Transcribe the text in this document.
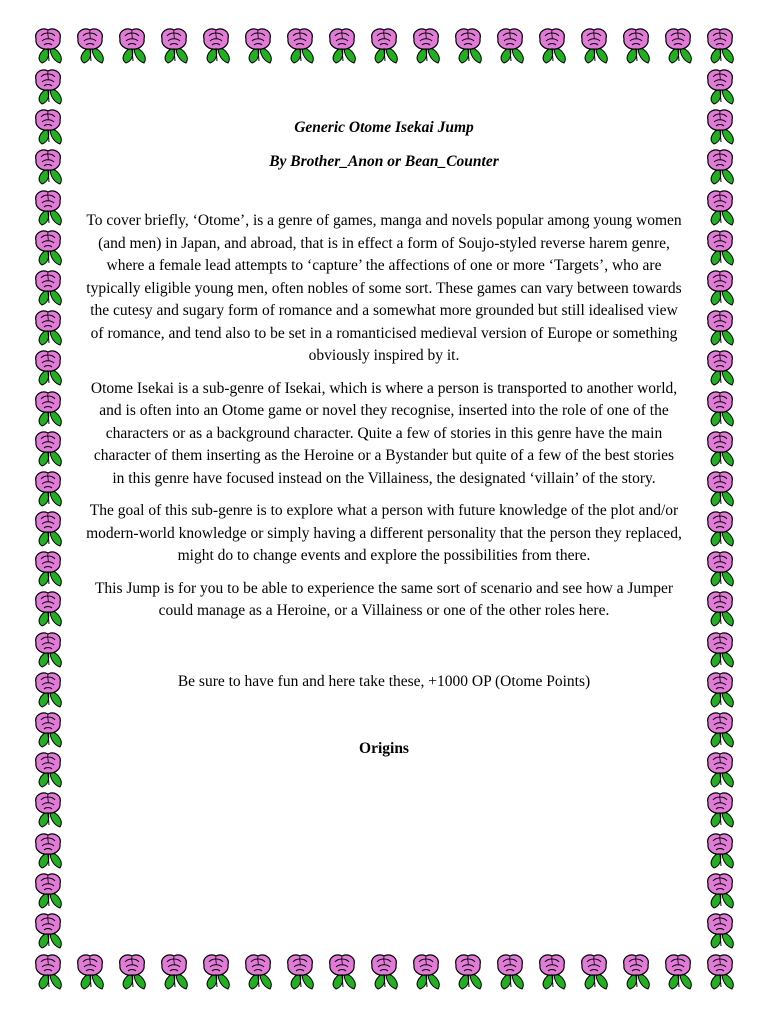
Generic Otome Isekai Jump

By Brother_Anon or Bean_Counter

To cover briefly, ‘Otome’, is a genre of games, manga and novels popular among young women (and men) in Japan, and abroad, that is in effect a form of Soujo-styled reverse harem genre, where a female lead attempts to ‘capture’ the affections of one or more ‘Targets’, who are typically eligible young men, often nobles of some sort. These games can vary between towards the cutesy and sugary form of romance and a somewhat more grounded but still idealised view of romance, and tend also to be set in a romanticised medieval version of Europe or something obviously inspired by it.

Otome Isekai is a sub-genre of Isekai, which is where a person is transported to another world, and is often into an Otome game or novel they recognise, inserted into the role of one of the characters or as a background character. Quite a few of stories in this genre have the main character of them inserting as the Heroine or a Bystander but quite of a few of the best stories in this genre have focused instead on the Villainess, the designated ‘villain’ of the story.

The goal of this sub-genre is to explore what a person with future knowledge of the plot and/or modern-world knowledge or simply having a different personality that the person they replaced, might do to change events and explore the possibilities from there.

This Jump is for you to be able to experience the same sort of scenario and see how a Jumper could manage as a Heroine, or a Villainess or one of the other roles here.

Be sure to have fun and here take these, +1000 OP (Otome Points)

Origins
